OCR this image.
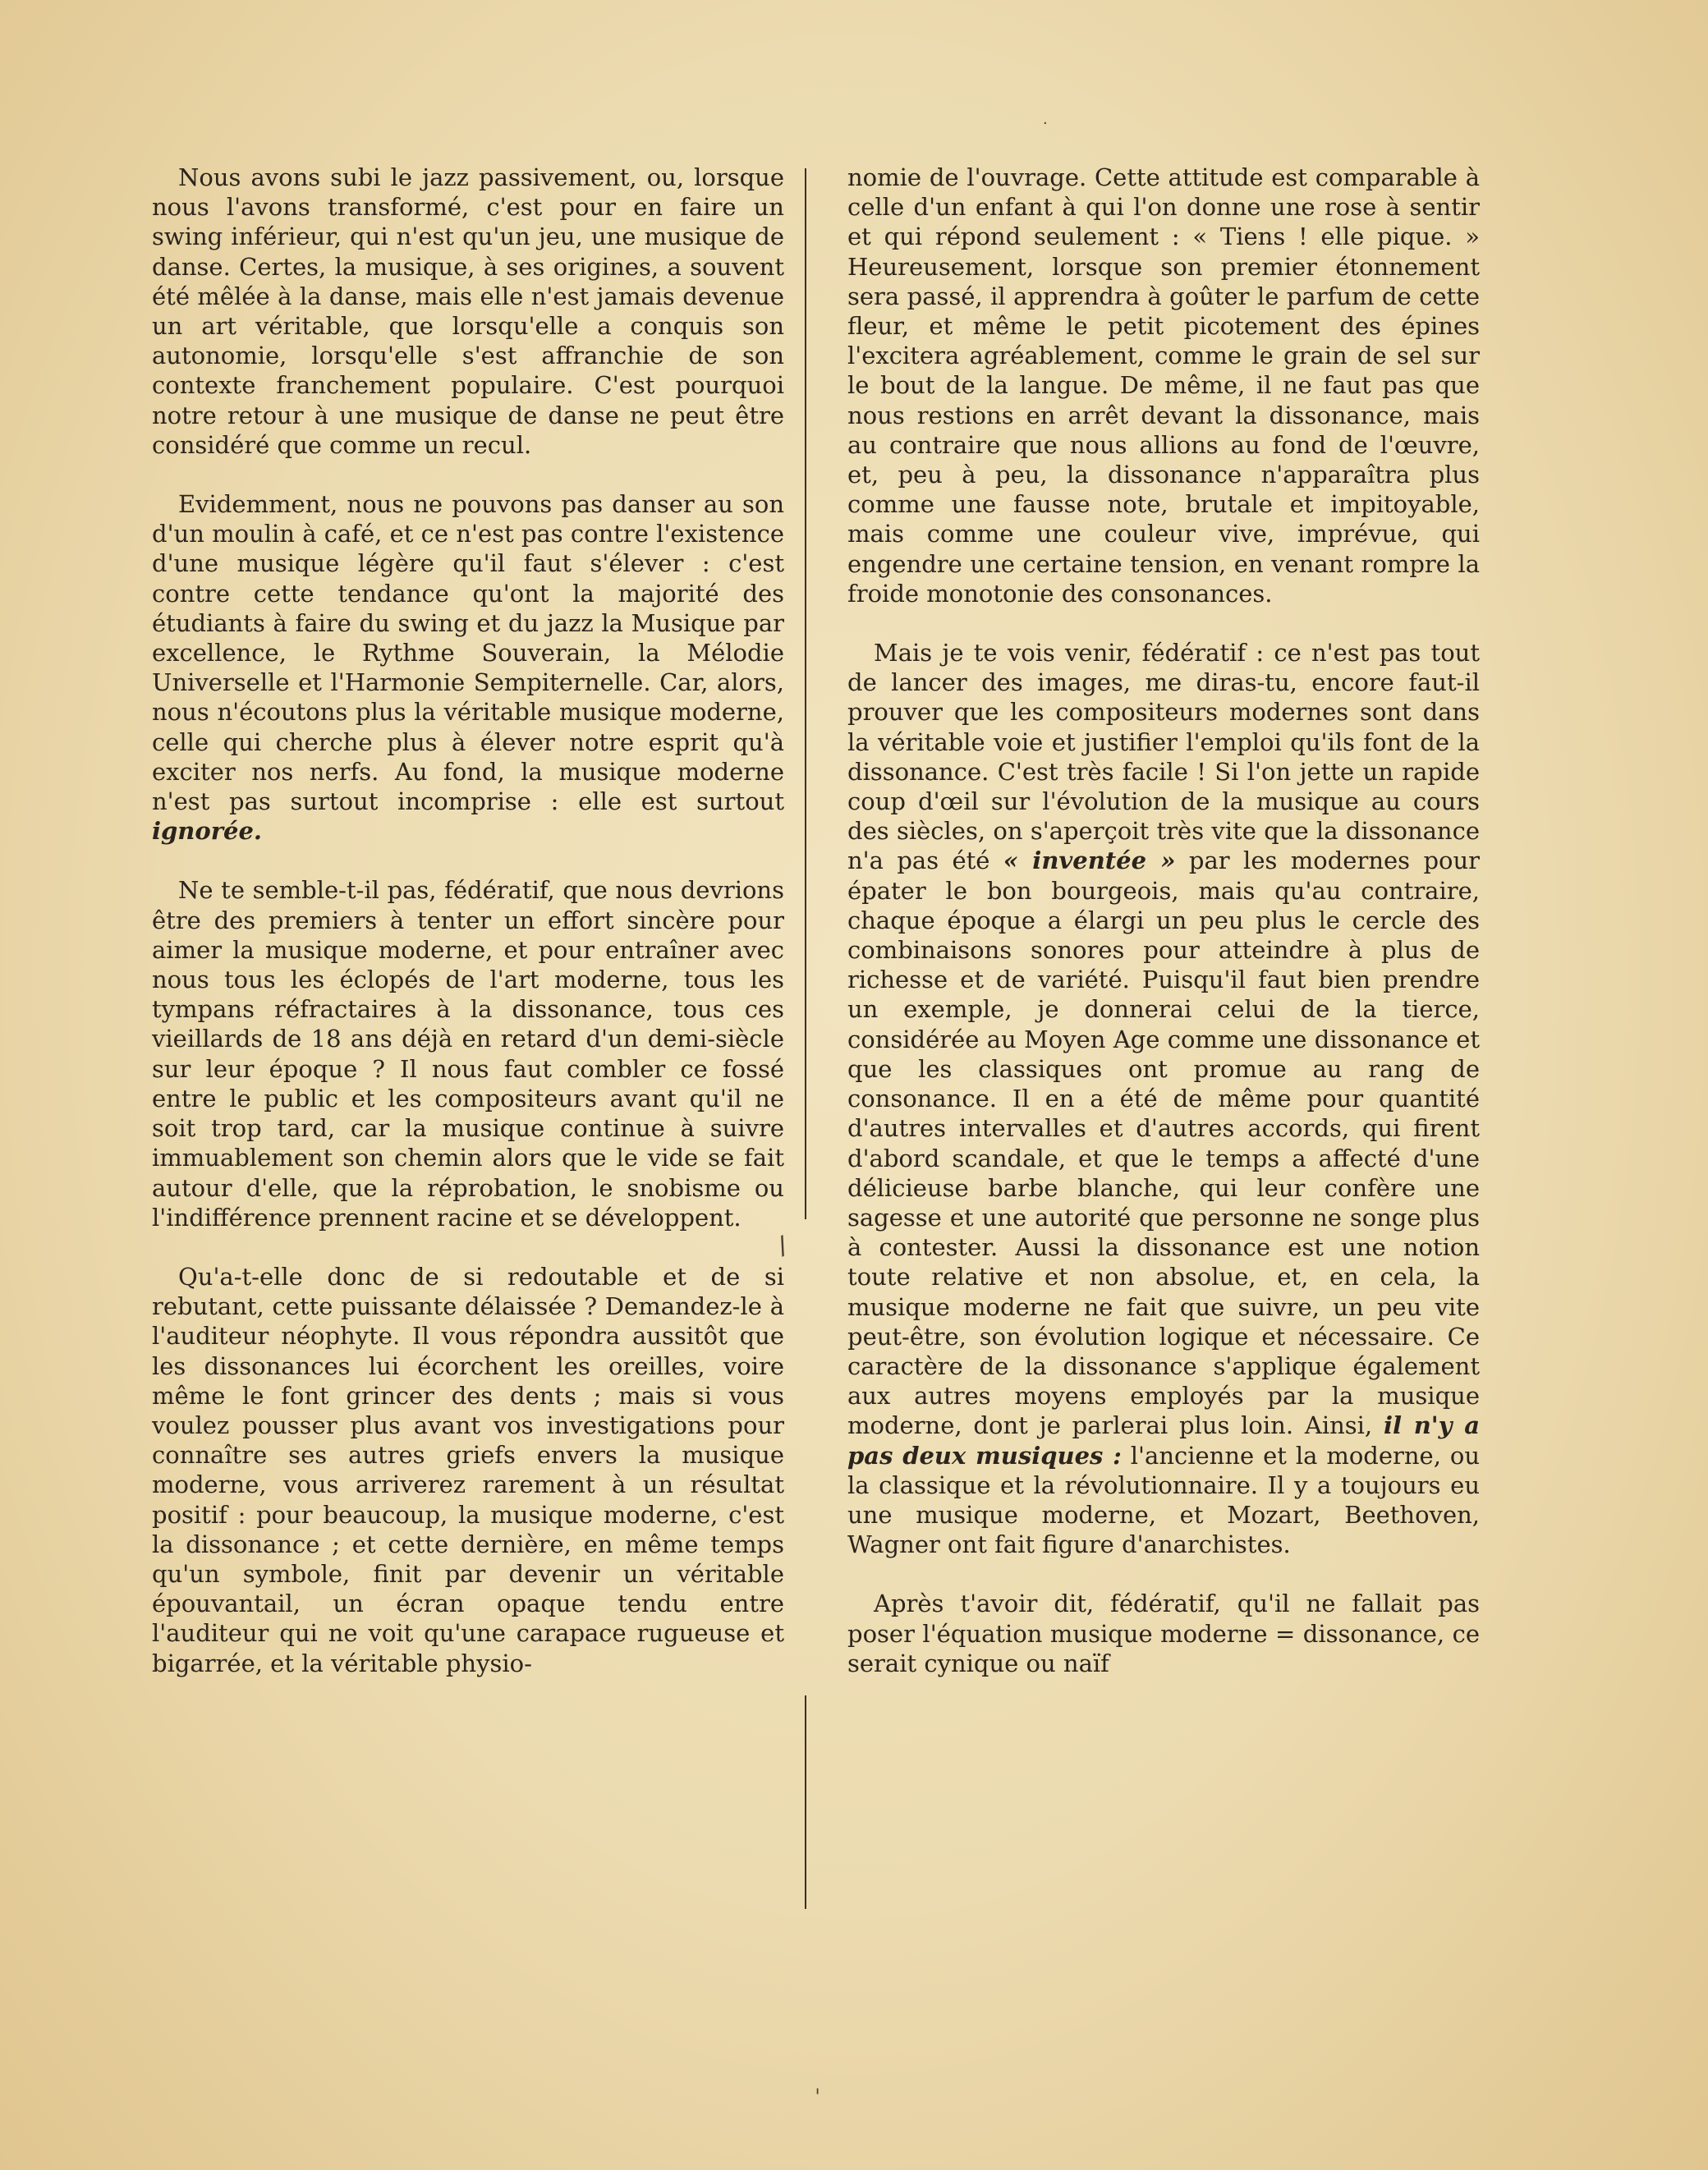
Nous avons subi le jazz passivement, ou, lorsque nous l'avons transformé, c'est pour en faire un swing inférieur, qui n'est qu'un jeu, une musique de danse. Certes, la musique, à ses origines, a souvent été mêlée à la danse, mais elle n'est jamais devenue un art véritable, que lorsqu'elle a conquis son autonomie, lorsqu'elle s'est affranchie de son contexte franchement populaire. C'est pourquoi notre retour à une musique de danse ne peut être considéré que comme un recul.

Evidemment, nous ne pouvons pas danser au son d'un moulin à café, et ce n'est pas contre l'existence d'une musique légère qu'il faut s'élever : c'est contre cette tendance qu'ont la majorité des étudiants à faire du swing et du jazz la Musique par excellence, le Rythme Souverain, la Mélodie Universelle et l'Harmonie Sempiternelle. Car, alors, nous n'écoutons plus la véritable musique moderne, celle qui cherche plus à élever notre esprit qu'à exciter nos nerfs. Au fond, la musique moderne n'est pas surtout incomprise : elle est surtout ignorée.

Ne te semble-t-il pas, fédératif, que nous devrions être des premiers à tenter un effort sincère pour aimer la musique moderne, et pour entraîner avec nous tous les éclopés de l'art moderne, tous les tympans réfractaires à la dissonance, tous ces vieillards de 18 ans déjà en retard d'un demi-siècle sur leur époque ? Il nous faut combler ce fossé entre le public et les compositeurs avant qu'il ne soit trop tard, car la musique continue à suivre immuablement son chemin alors que le vide se fait autour d'elle, que la réprobation, le snobisme ou l'indifférence prennent racine et se développent.

Qu'a-t-elle donc de si redoutable et de si rebutant, cette puissante délaissée ? Demandez-le à l'auditeur néophyte. Il vous répondra aussitôt que les dissonances lui écorchent les oreilles, voire même le font grincer des dents ; mais si vous voulez pousser plus avant vos investigations pour connaître ses autres griefs envers la musique moderne, vous arriverez rarement à un résultat positif : pour beaucoup, la musique moderne, c'est la dissonance ; et cette dernière, en même temps qu'un symbole, finit par devenir un véritable épouvantail, un écran opaque tendu entre l'auditeur qui ne voit qu'une carapace rugueuse et bigarrée, et la véritable physio-

nomie de l'ouvrage. Cette attitude est comparable à celle d'un enfant à qui l'on donne une rose à sentir et qui répond seulement : « Tiens ! elle pique. » Heureusement, lorsque son premier étonnement sera passé, il apprendra à goûter le parfum de cette fleur, et même le petit picotement des épines l'excitera agréablement, comme le grain de sel sur le bout de la langue. De même, il ne faut pas que nous restions en arrêt devant la dissonance, mais au contraire que nous allions au fond de l'œuvre, et, peu à peu, la dissonance n'apparaîtra plus comme une fausse note, brutale et impitoyable, mais comme une couleur vive, imprévue, qui engendre une certaine tension, en venant rompre la froide monotonie des consonances.

Mais je te vois venir, fédératif : ce n'est pas tout de lancer des images, me diras-tu, encore faut-il prouver que les compositeurs modernes sont dans la véritable voie et justifier l'emploi qu'ils font de la dissonance. C'est très facile ! Si l'on jette un rapide coup d'œil sur l'évolution de la musique au cours des siècles, on s'aperçoit très vite que la dissonance n'a pas été « inventée » par les modernes pour épater le bon bourgeois, mais qu'au contraire, chaque époque a élargi un peu plus le cercle des combinaisons sonores pour atteindre à plus de richesse et de variété. Puisqu'il faut bien prendre un exemple, je donnerai celui de la tierce, considérée au Moyen Age comme une dissonance et que les classiques ont promue au rang de consonance. Il en a été de même pour quantité d'autres intervalles et d'autres accords, qui firent d'abord scandale, et que le temps a affecté d'une délicieuse barbe blanche, qui leur confère une sagesse et une autorité que personne ne songe plus à contester. Aussi la dissonance est une notion toute relative et non absolue, et, en cela, la musique moderne ne fait que suivre, un peu vite peut-être, son évolution logique et nécessaire. Ce caractère de la dissonance s'applique également aux autres moyens employés par la musique moderne, dont je parlerai plus loin. Ainsi, il n'y a pas deux musiques : l'ancienne et la moderne, ou la classique et la révolutionnaire. Il y a toujours eu une musique moderne, et Mozart, Beethoven, Wagner ont fait figure d'anarchistes.

Après t'avoir dit, fédératif, qu'il ne fallait pas poser l'équation musique moderne = dissonance, ce serait cynique ou naïf

/
ˈ
·
